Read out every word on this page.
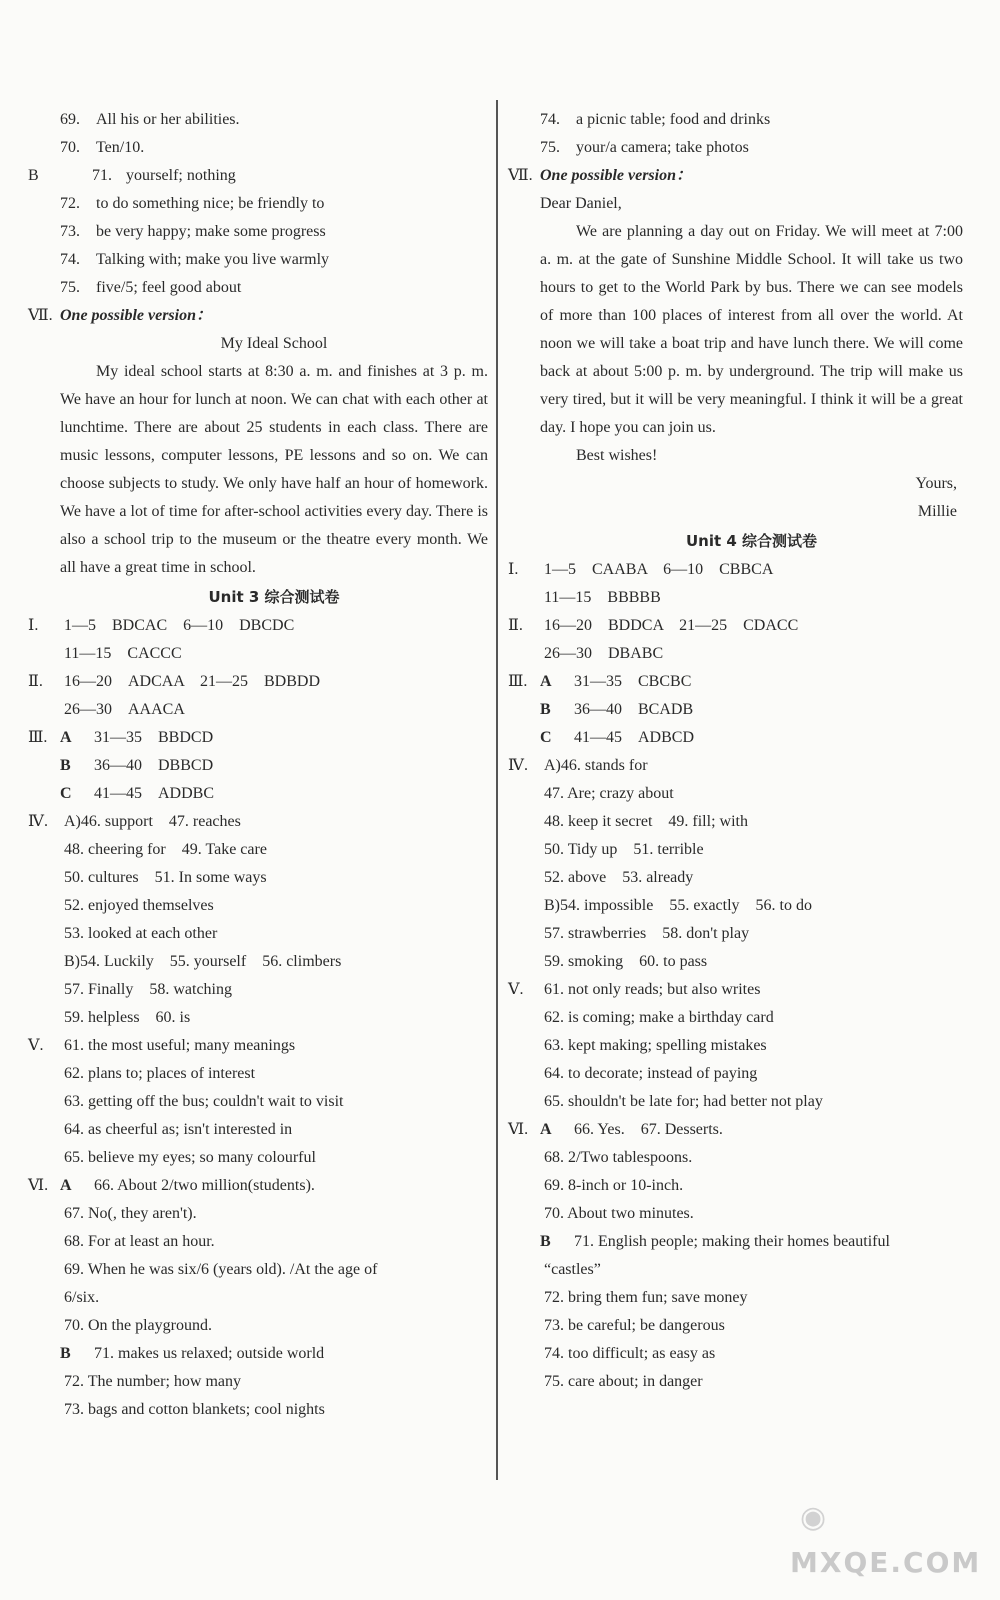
69. All his or her abilities.
70. Ten/10.
B	71. yourself; nothing
72. to do something nice; be friendly to
73. be very happy; make some progress
74. Talking with; make you live warmly
75. five/5; feel good about
Ⅶ. One possible version：
My Ideal School

My ideal school starts at 8:30 a. m. and finishes at 3 p. m. We have an hour for lunch at noon. We can chat with each other at lunchtime. There are about 25 students in each class. There are music lessons, computer lessons, PE lessons and so on. We can choose subjects to study. We only have half an hour of homework. We have a lot of time for after-school activities every day. There is also a school trip to the museum or the theatre every month. We all have a great time in school.

Unit 3 综合测试卷
Ⅰ. 1—5　BDCAC　6—10　DBCDC
11—15　CACCC
Ⅱ. 16—20　ADCAA　21—25　BDBDD
26—30　AAACA
Ⅲ. A 31—35　BBDCD
B 36—40　DBBCD
C 41—45　ADDBC
Ⅳ. A)46. support　47. reaches
48. cheering for　49. Take care
50. cultures　51. In some ways
52. enjoyed themselves
53. looked at each other
B)54. Luckily　55. yourself　56. climbers
57. Finally　58. watching
59. helpless　60. is
Ⅴ. 61. the most useful; many meanings
62. plans to; places of interest
63. getting off the bus; couldn't wait to visit
64. as cheerful as; isn't interested in
65. believe my eyes; so many colourful
Ⅵ. A 66. About 2/two million(students).
67. No(, they aren't).
68. For at least an hour.
69. When he was six/6 (years old). /At the age of
6/six.
70. On the playground.
B 71. makes us relaxed; outside world
72. The number; how many
73. bags and cotton blankets; cool nights
74. a picnic table; food and drinks
75. your/a camera; take photos
Ⅶ. One possible version：
Dear Daniel,

We are planning a day out on Friday. We will meet at 7:00 a. m. at the gate of Sunshine Middle School. It will take us two hours to get to the World Park by bus. There we can see models of more than 100 places of interest from all over the world. At noon we will take a boat trip and have lunch there. We will come back at about 5:00 p. m. by underground. The trip will make us very tired, but it will be very meaningful. I think it will be a great day. I hope you can join us.

Best wishes!
Yours,
Millie
Unit 4 综合测试卷
Ⅰ. 1—5　CAABA　6—10　CBBCA
11—15　BBBBB
Ⅱ. 16—20　BDDCA　21—25　CDACC
26—30　DBABC
Ⅲ. A 31—35　CBCBC
B 36—40　BCADB
C 41—45　ADBCD
Ⅳ. A)46. stands for
47. Are; crazy about
48. keep it secret　49. fill; with
50. Tidy up　51. terrible
52. above　53. already
B)54. impossible　55. exactly　56. to do
57. strawberries　58. don't play
59. smoking　60. to pass
Ⅴ. 61. not only reads; but also writes
62. is coming; make a birthday card
63. kept making; spelling mistakes
64. to decorate; instead of paying
65. shouldn't be late for; had better not play
Ⅵ. A 66. Yes.　67. Desserts.
68. 2/Two tablespoons.
69. 8-inch or 10-inch.
70. About two minutes.
B 71. English people; making their homes beautiful
“castles”
72. bring them fun; save money
73. be careful; be dangerous
74. too difficult; as easy as
75. care about; in danger
◉
MXQE.COM
